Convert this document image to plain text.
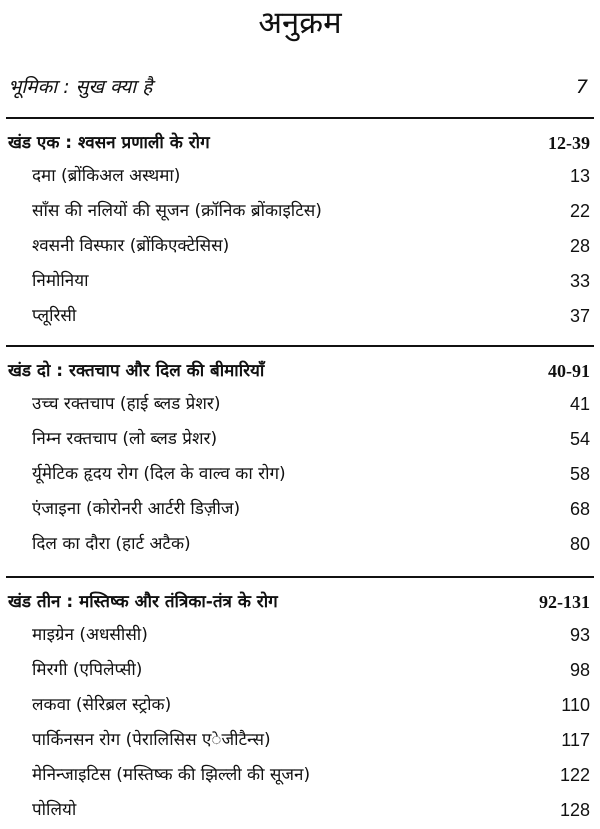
अनुक्रम
भूमिका : सुख क्या है	7
खंड एक : श्वसन प्रणाली के रोग	12-39
दमा (ब्रोंकिअल अस्थमा)	13
साँस की नलियों की सूजन (क्रॉनिक ब्रोंकाइटिस)	22
श्वसनी विस्फार (ब्रोंकिएक्टेसिस)	28
निमोनिया	33
प्लूरिसी	37
खंड दो : रक्तचाप और दिल की बीमारियाँ	40-91
उच्च रक्तचाप (हाई ब्लड प्रेशर)	41
निम्न रक्तचाप (लो ब्लड प्रेशर)	54
र्यूमेटिक हृदय रोग (दिल के वाल्व का रोग)	58
एंजाइना (कोरोनरी आर्टरी डिज़ीज)	68
दिल का दौरा (हार्ट अटैक)	80
खंड तीन : मस्तिष्क और तंत्रिका-तंत्र के रोग	92-131
माइग्रेन (अधसीसी)	93
मिरगी (एपिलेप्सी)	98
लकवा (सेरिब्रल स्ट्रोक)	110
पार्किनसन रोग (पेरालिसिस एेजीटैन्स)	117
मेनिन्जाइटिस (मस्तिष्क की झिल्ली की सूजन)	122
पोलियो	128
